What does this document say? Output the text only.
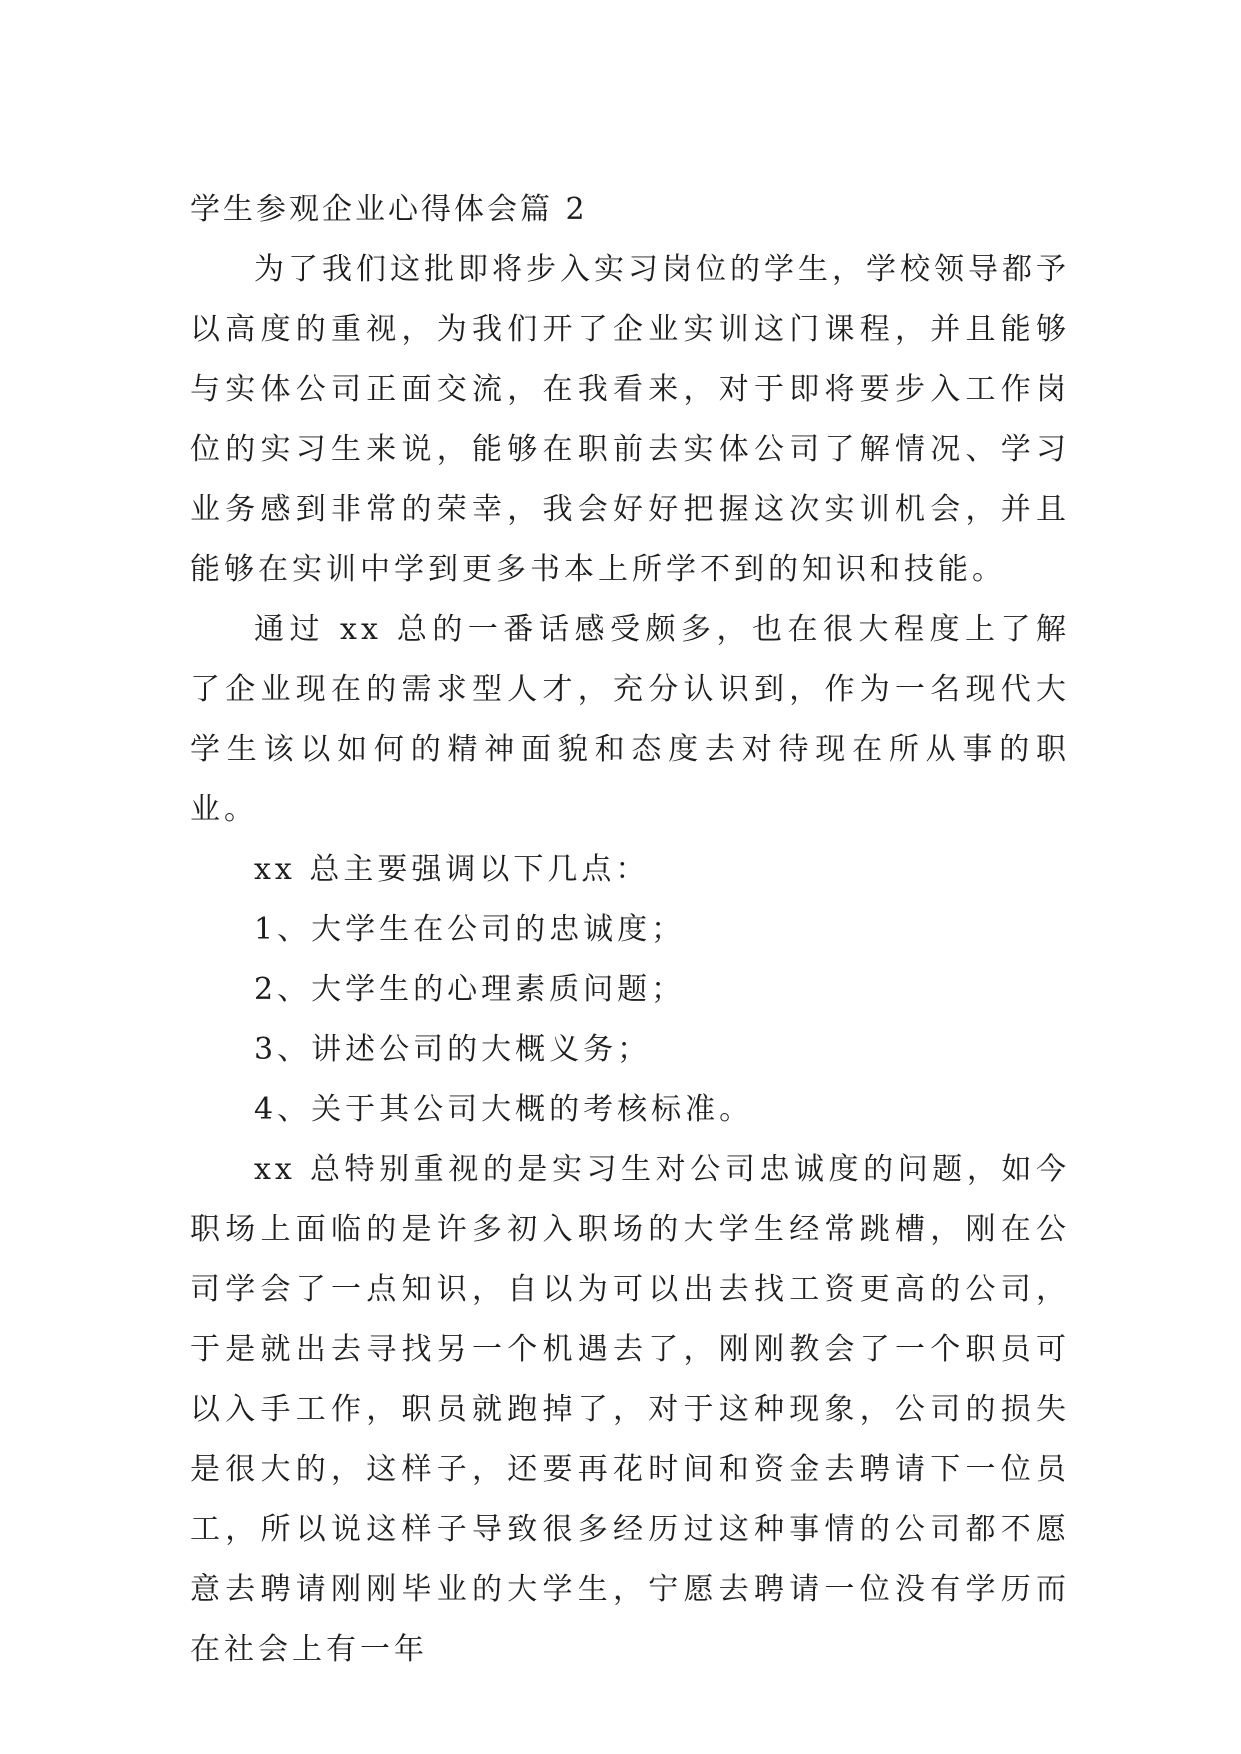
学生参观企业心得体会篇 2

为了我们这批即将步入实习岗位的学生，学校领导都予以高度的重视，为我们开了企业实训这门课程，并且能够与实体公司正面交流，在我看来，对于即将要步入工作岗位的实习生来说，能够在职前去实体公司了解情况、学习业务感到非常的荣幸，我会好好把握这次实训机会，并且能够在实训中学到更多书本上所学不到的知识和技能。

通过 xx 总的一番话感受颇多，也在很大程度上了解了企业现在的需求型人才，充分认识到，作为一名现代大学生该以如何的精神面貌和态度去对待现在所从事的职业。

xx 总主要强调以下几点：

1、大学生在公司的忠诚度；
2、大学生的心理素质问题；
3、讲述公司的大概义务；
4、关于其公司大概的考核标准。

xx 总特别重视的是实习生对公司忠诚度的问题，如今职场上面临的是许多初入职场的大学生经常跳槽，刚在公司学会了一点知识，自以为可以出去找工资更高的公司，于是就出去寻找另一个机遇去了，刚刚教会了一个职员可以入手工作，职员就跑掉了，对于这种现象，公司的损失是很大的，这样子，还要再花时间和资金去聘请下一位员工，所以说这样子导致很多经历过这种事情的公司都不愿意去聘请刚刚毕业的大学生，宁愿去聘请一位没有学历而在社会上有一年
